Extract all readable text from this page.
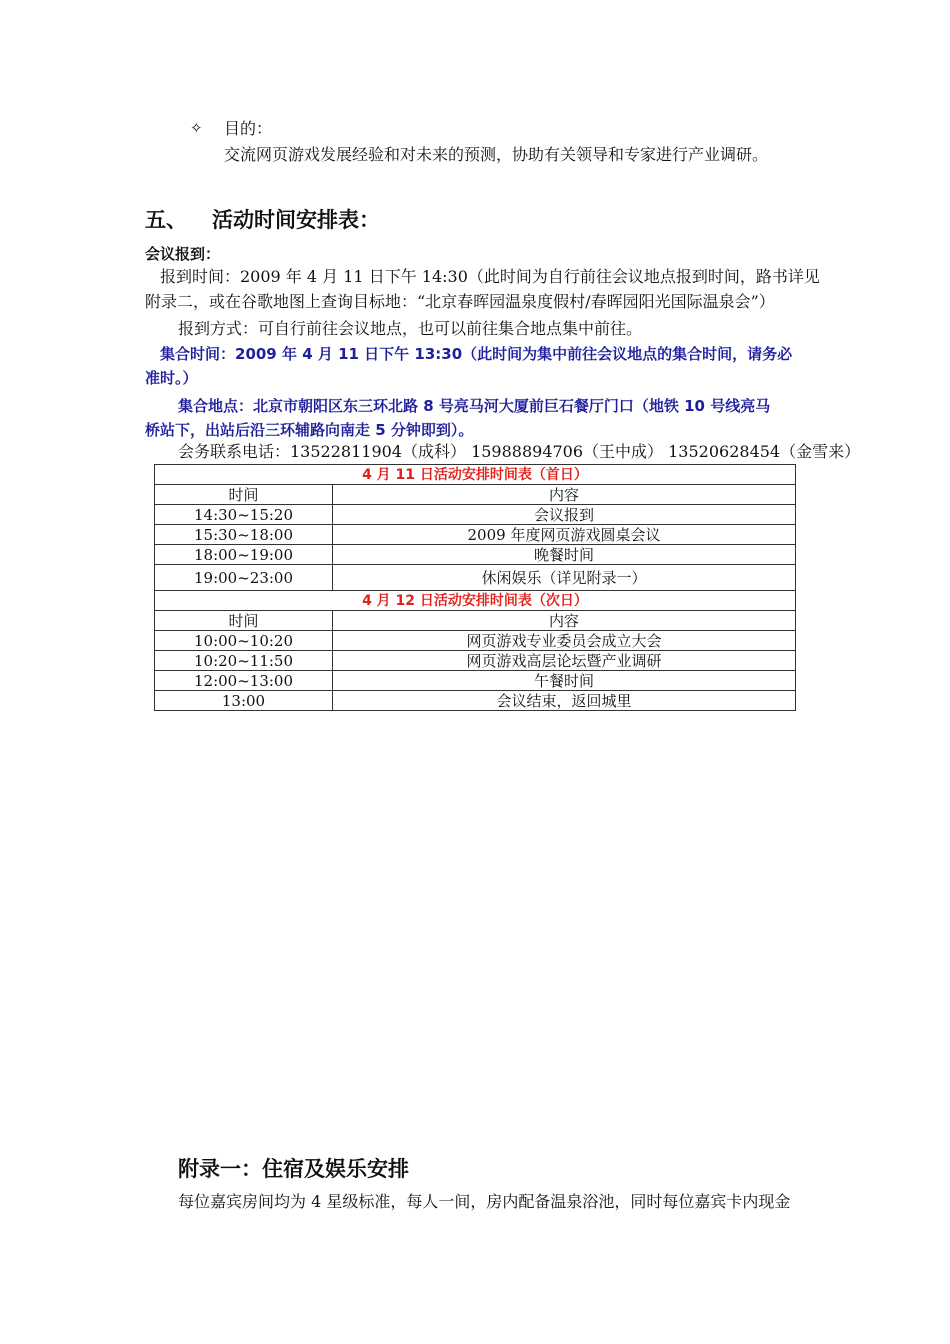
✧ 目的：
交流网页游戏发展经验和对未来的预测，协助有关领导和专家进行产业调研。
五、 活动时间安排表：
会议报到：
报到时间：2009 年 4 月 11 日下午 14:30（此时间为自行前往会议地点报到时间，路书详见
附录二，或在谷歌地图上查询目标地：“北京春晖园温泉度假村/春晖园阳光国际温泉会”）
报到方式：可自行前往会议地点，也可以前往集合地点集中前往。
集合时间：2009 年 4 月 11 日下午 13:30（此时间为集中前往会议地点的集合时间，请务必
准时。）
集合地点：北京市朝阳区东三环北路 8 号亮马河大厦前巨石餐厅门口（地铁 10 号线亮马
桥站下，出站后沿三环辅路向南走 5 分钟即到）。
会务联系电话：13522811904（成科） 15988894706（王中成） 13520628454（金雪来）
4 月 11 日活动安排时间表（首日）	
时间	内容
14:30~15:20	会议报到
15:30~18:00	2009 年度网页游戏圆桌会议
18:00~19:00	晚餐时间
19:00~23:00	休闲娱乐（详见附录一）
4 月 12 日活动安排时间表（次日）	
时间	内容
10:00~10:20	网页游戏专业委员会成立大会
10:20~11:50	网页游戏高层论坛暨产业调研
12:00~13:00	午餐时间
13:00	会议结束，返回城里
附录一：住宿及娱乐安排
每位嘉宾房间均为 4 星级标准，每人一间，房内配备温泉浴池，同时每位嘉宾卡内现金
